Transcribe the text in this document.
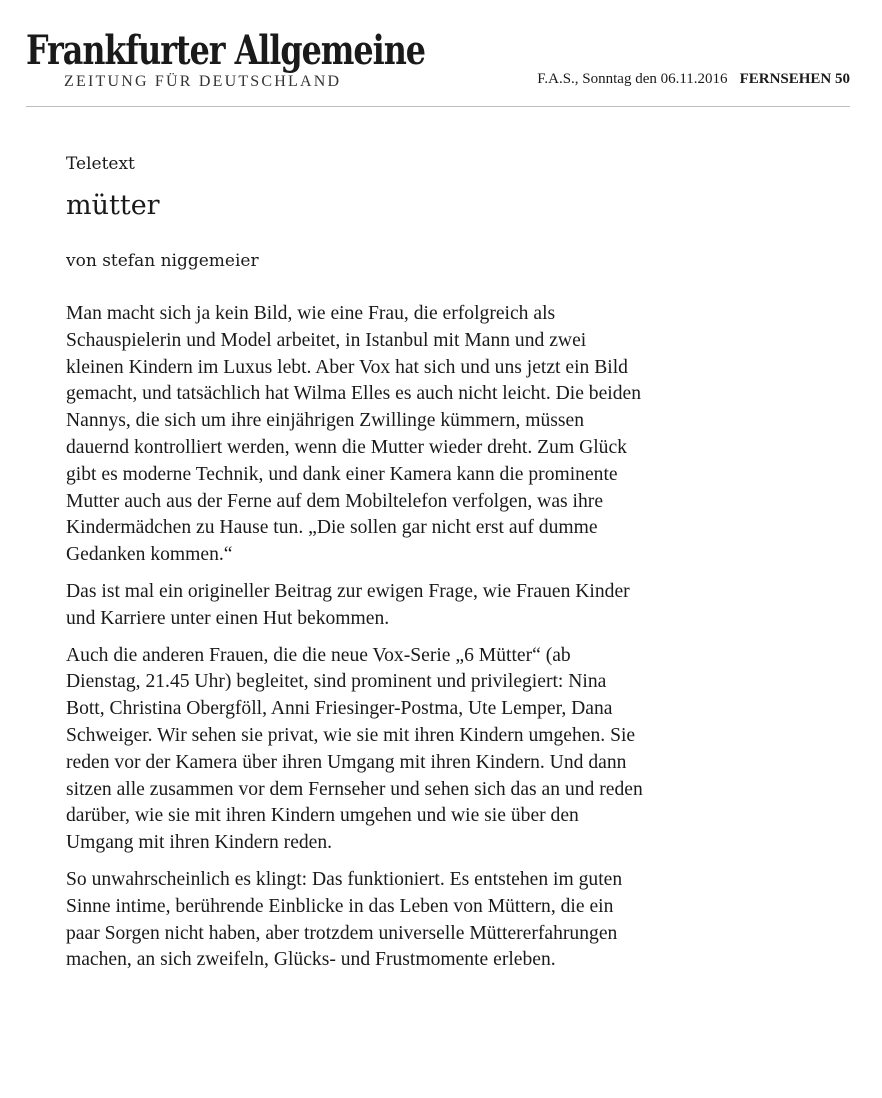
Frankfurter Allgemeine
ZEITUNG FÜR DEUTSCHLAND	F.A.S., Sonntag den 06.11.2016 FERNSEHEN 50

Teletext

mütter

von stefan niggemeier

Man macht sich ja kein Bild, wie eine Frau, die erfolgreich als Schauspielerin und Model arbeitet, in Istanbul mit Mann und zwei kleinen Kindern im Luxus lebt. Aber Vox hat sich und uns jetzt ein Bild gemacht, und tatsächlich hat Wilma Elles es auch nicht leicht. Die beiden Nannys, die sich um ihre einjährigen Zwillinge kümmern, müssen dauernd kontrolliert werden, wenn die Mutter wieder dreht. Zum Glück gibt es moderne Technik, und dank einer Kamera kann die prominente Mutter auch aus der Ferne auf dem Mobiltelefon verfolgen, was ihre Kindermädchen zu Hause tun. „Die sollen gar nicht erst auf dumme Gedanken kommen.“

Das ist mal ein origineller Beitrag zur ewigen Frage, wie Frauen Kinder und Karriere unter einen Hut bekommen.

Auch die anderen Frauen, die die neue Vox-Serie „6 Mütter“ (ab Dienstag, 21.45 Uhr) begleitet, sind prominent und privilegiert: Nina Bott, Christina Obergföll, Anni Friesinger-Postma, Ute Lemper, Dana Schweiger. Wir sehen sie privat, wie sie mit ihren Kindern umgehen. Sie reden vor der Kamera über ihren Umgang mit ihren Kindern. Und dann sitzen alle zusammen vor dem Fernseher und sehen sich das an und reden darüber, wie sie mit ihren Kindern umgehen und wie sie über den Umgang mit ihren Kindern reden.

So unwahrscheinlich es klingt: Das funktioniert. Es entstehen im guten Sinne intime, berührende Einblicke in das Leben von Müttern, die ein paar Sorgen nicht haben, aber trotzdem universelle Müttererfahrungen machen, an sich zweifeln, Glücks- und Frustmomente erleben.
